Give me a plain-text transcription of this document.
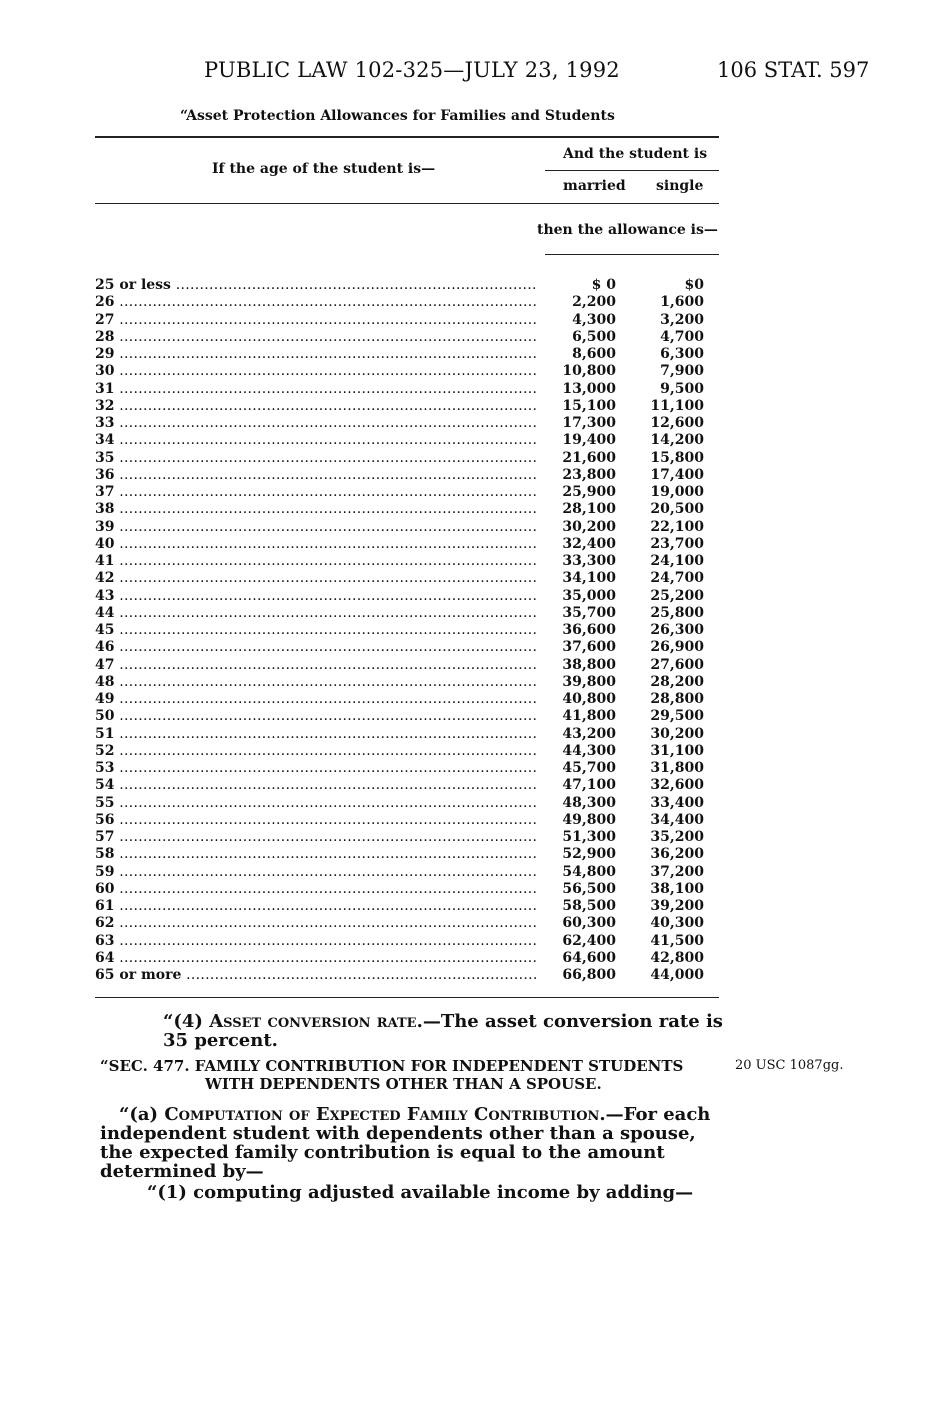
PUBLIC LAW 102-325—JULY 23, 1992	106 STAT. 597
“Asset Protection Allowances for Families and Students
If the age of the student is—
And the student is
married single
then the allowance is—
25 or less .....	$ 0	$0
26 .....	2,200	1,600
27 .....	4,300	3,200
28 .....	6,500	4,700
29 .....	8,600	6,300
30 .....	10,800	7,900
31 .....	13,000	9,500
32 .....	15,100	11,100
33 .....	17,300	12,600
34 .....	19,400	14,200
35 .....	21,600	15,800
36 .....	23,800	17,400
37 .....	25,900	19,000
38 .....	28,100	20,500
39 .....	30,200	22,100
40 .....	32,400	23,700
41 .....	33,300	24,100
42 .....	34,100	24,700
43 .....	35,000	25,200
44 .....	35,700	25,800
45 .....	36,600	26,300
46 .....	37,600	26,900
47 .....	38,800	27,600
48 .....	39,800	28,200
49 .....	40,800	28,800
50 .....	41,800	29,500
51 .....	43,200	30,200
52 .....	44,300	31,100
53 .....	45,700	31,800
54 .....	47,100	32,600
55 .....	48,300	33,400
56 .....	49,800	34,400
57 .....	51,300	35,200
58 .....	52,900	36,200
59 .....	54,800	37,200
60 .....	56,500	38,100
61 .....	58,500	39,200
62 .....	60,300	40,300
63 .....	62,400	41,500
64 .....	64,600	42,800
65 or more .....	66,800	44,000
“(4) Asset conversion rate.—The asset conversion rate is 35 percent.
“SEC. 477. FAMILY CONTRIBUTION FOR INDEPENDENT STUDENTS
WITH DEPENDENTS OTHER THAN A SPOUSE.
20 USC 1087gg.
“(a) Computation of Expected Family Contribution.—For each independent student with dependents other than a spouse, the expected family contribution is equal to the amount determined by—
“(1) computing adjusted available income by adding—
